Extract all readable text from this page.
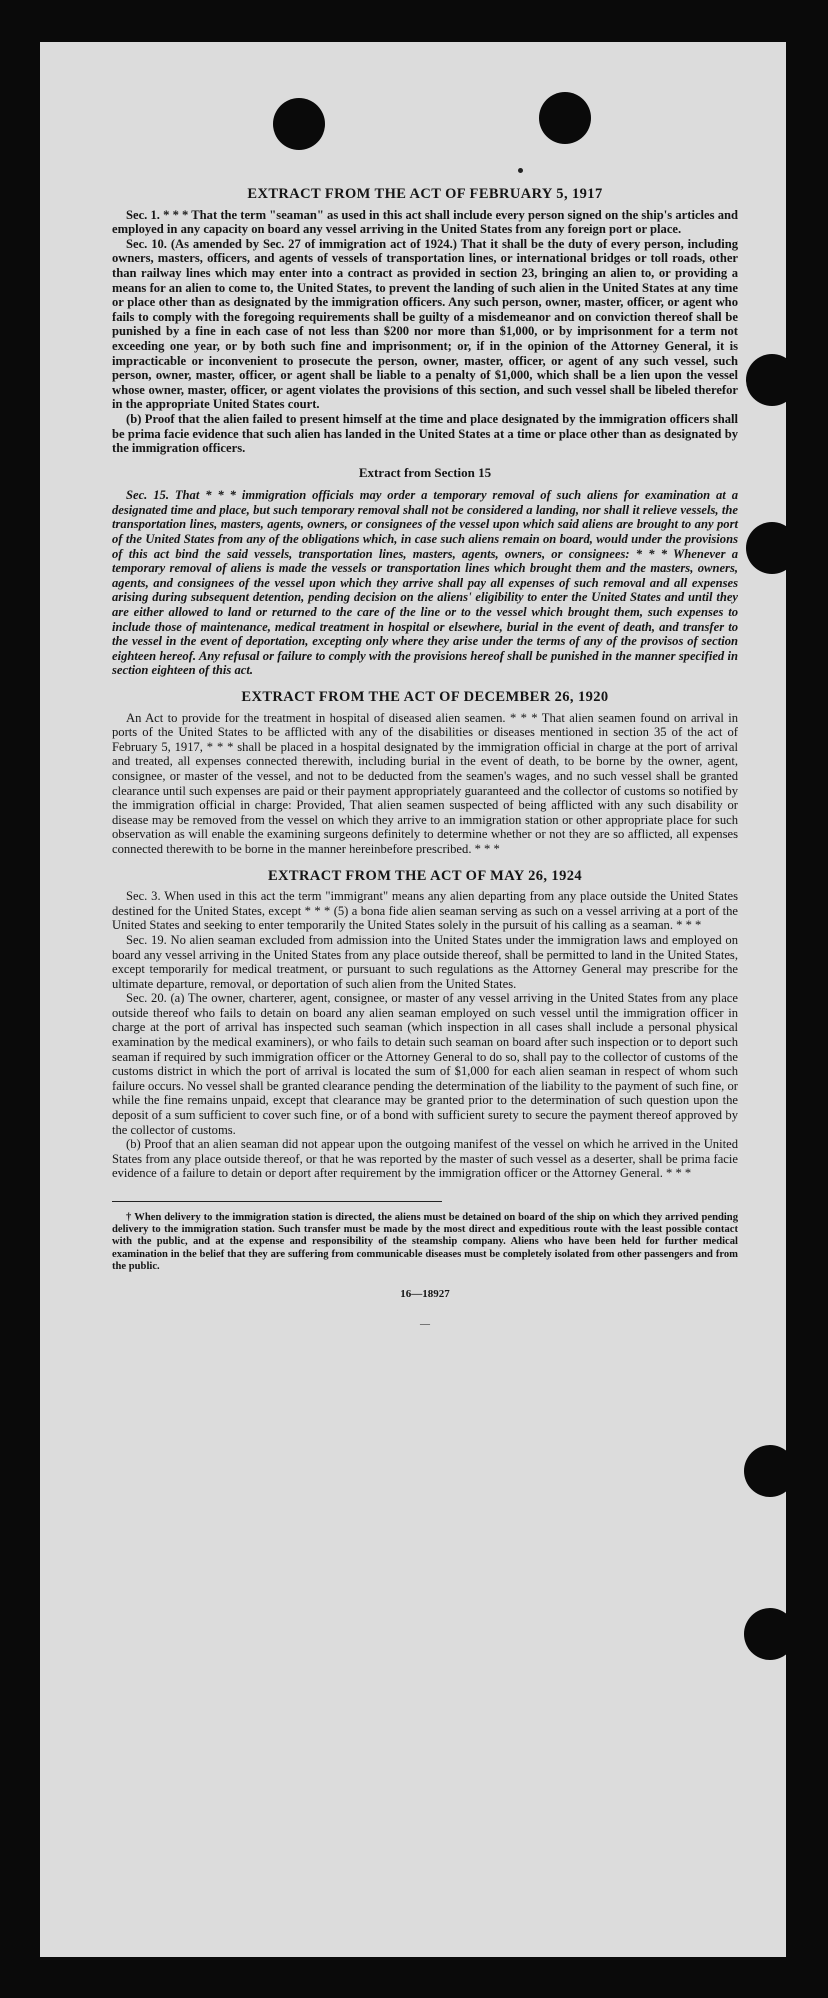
EXTRACT FROM THE ACT OF FEBRUARY 5, 1917

Sec. 1. * * * That the term "seaman" as used in this act shall include every person signed on the ship's articles and employed in any capacity on board any vessel arriving in the United States from any foreign port or place.

Sec. 10. (As amended by Sec. 27 of immigration act of 1924.) That it shall be the duty of every person, including owners, masters, officers, and agents of vessels of transportation lines, or international bridges or toll roads, other than railway lines which may enter into a contract as provided in section 23, bringing an alien to, or providing a means for an alien to come to, the United States, to prevent the landing of such alien in the United States at any time or place other than as designated by the immigration officers. Any such person, owner, master, officer, or agent who fails to comply with the foregoing requirements shall be guilty of a misdemeanor and on conviction thereof shall be punished by a fine in each case of not less than $200 nor more than $1,000, or by imprisonment for a term not exceeding one year, or by both such fine and imprisonment; or, if in the opinion of the Attorney General, it is impracticable or inconvenient to prosecute the person, owner, master, officer, or agent of any such vessel, such person, owner, master, officer, or agent shall be liable to a penalty of $1,000, which shall be a lien upon the vessel whose owner, master, officer, or agent violates the provisions of this section, and such vessel shall be libeled therefor in the appropriate United States court.

(b) Proof that the alien failed to present himself at the time and place designated by the immigration officers shall be prima facie evidence that such alien has landed in the United States at a time or place other than as designated by the immigration officers.

Extract from Section 15

Sec. 15. That * * * immigration officials may order a temporary removal of such aliens for examination at a designated time and place, but such temporary removal shall not be considered a landing, nor shall it relieve vessels, the transportation lines, masters, agents, owners, or consignees of the vessel upon which said aliens are brought to any port of the United States from any of the obligations which, in case such aliens remain on board, would under the provisions of this act bind the said vessels, transportation lines, masters, agents, owners, or consignees: * * * Whenever a temporary removal of aliens is made the vessels or transportation lines which brought them and the masters, owners, agents, and consignees of the vessel upon which they arrive shall pay all expenses of such removal and all expenses arising during subsequent detention, pending decision on the aliens' eligibility to enter the United States and until they are either allowed to land or returned to the care of the line or to the vessel which brought them, such expenses to include those of maintenance, medical treatment in hospital or elsewhere, burial in the event of death, and transfer to the vessel in the event of deportation, excepting only where they arise under the terms of any of the provisos of section eighteen hereof. Any refusal or failure to comply with the provisions hereof shall be punished in the manner specified in section eighteen of this act.

EXTRACT FROM THE ACT OF DECEMBER 26, 1920

An Act to provide for the treatment in hospital of diseased alien seamen. * * * That alien seamen found on arrival in ports of the United States to be afflicted with any of the disabilities or diseases mentioned in section 35 of the act of February 5, 1917, * * * shall be placed in a hospital designated by the immigration official in charge at the port of arrival and treated, all expenses connected therewith, including burial in the event of death, to be borne by the owner, agent, consignee, or master of the vessel, and not to be deducted from the seamen's wages, and no such vessel shall be granted clearance until such expenses are paid or their payment appropriately guaranteed and the collector of customs so notified by the immigration official in charge: Provided, That alien seamen suspected of being afflicted with any such disability or disease may be removed from the vessel on which they arrive to an immigration station or other appropriate place for such observation as will enable the examining surgeons definitely to determine whether or not they are so afflicted, all expenses connected therewith to be borne in the manner hereinbefore prescribed. * * *

EXTRACT FROM THE ACT OF MAY 26, 1924

Sec. 3. When used in this act the term "immigrant" means any alien departing from any place outside the United States destined for the United States, except * * * (5) a bona fide alien seaman serving as such on a vessel arriving at a port of the United States and seeking to enter temporarily the United States solely in the pursuit of his calling as a seaman. * * *

Sec. 19. No alien seaman excluded from admission into the United States under the immigration laws and employed on board any vessel arriving in the United States from any place outside thereof, shall be permitted to land in the United States, except temporarily for medical treatment, or pursuant to such regulations as the Attorney General may prescribe for the ultimate departure, removal, or deportation of such alien from the United States.

Sec. 20. (a) The owner, charterer, agent, consignee, or master of any vessel arriving in the United States from any place outside thereof who fails to detain on board any alien seaman employed on such vessel until the immigration officer in charge at the port of arrival has inspected such seaman (which inspection in all cases shall include a personal physical examination by the medical examiners), or who fails to detain such seaman on board after such inspection or to deport such seaman if required by such immigration officer or the Attorney General to do so, shall pay to the collector of customs of the customs district in which the port of arrival is located the sum of $1,000 for each alien seaman in respect of whom such failure occurs. No vessel shall be granted clearance pending the determination of the liability to the payment of such fine, or while the fine remains unpaid, except that clearance may be granted prior to the determination of such question upon the deposit of a sum sufficient to cover such fine, or of a bond with sufficient surety to secure the payment thereof approved by the collector of customs.

(b) Proof that an alien seaman did not appear upon the outgoing manifest of the vessel on which he arrived in the United States from any place outside thereof, or that he was reported by the master of such vessel as a deserter, shall be prima facie evidence of a failure to detain or deport after requirement by the immigration officer or the Attorney General. * * *

† When delivery to the immigration station is directed, the aliens must be detained on board of the ship on which they arrived pending delivery to the immigration station. Such transfer must be made by the most direct and expeditious route with the least possible contact with the public, and at the expense and responsibility of the steamship company. Aliens who have been held for further medical examination in the belief that they are suffering from communicable diseases must be completely isolated from other passengers and from the public.

16—18927
—
